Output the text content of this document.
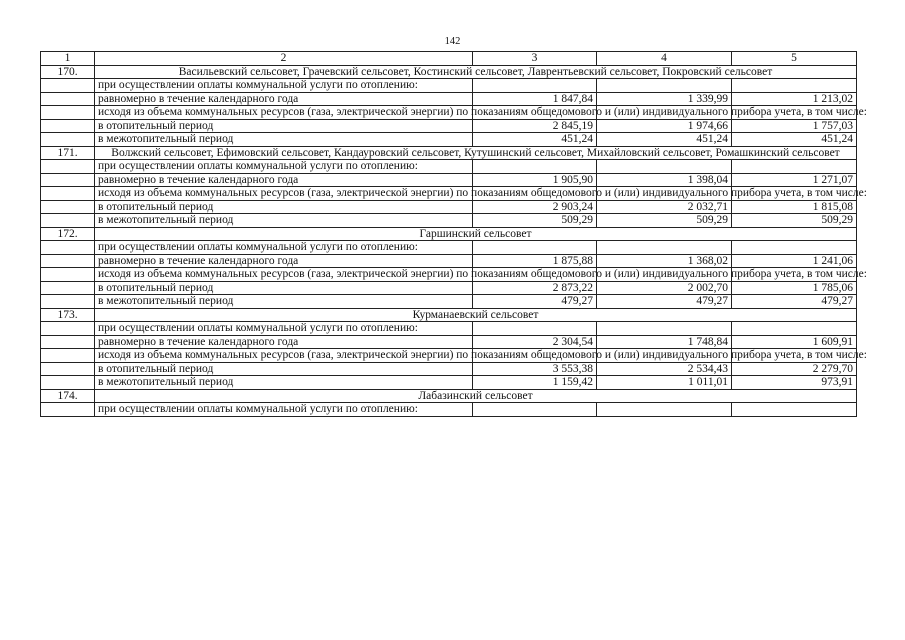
142
1	2	3	4	5
170.	Васильевский сельсовет, Грачевский сельсовет, Костинский сельсовет, Лаврентьевский сельсовет, Покровский сельсовет			
	при осуществлении оплаты коммунальной услуги по отоплению:			
	равномерно в течение календарного года	1 847,84	1 339,99	1 213,02
	исходя из объема коммунальных ресурсов (газа, электрической энергии) по показаниям общедомового и (или) индивидуального прибора учета, в том числе:			
	в отопительный период	2 845,19	1 974,66	1 757,03
	в межотопительный период	451,24	451,24	451,24
171.	Волжский сельсовет, Ефимовский сельсовет, Кандауровский сельсовет, Кутушинский сельсовет, Михайловский сельсовет, Ромашкинский сельсовет			
	при осуществлении оплаты коммунальной услуги по отоплению:			
	равномерно в течение календарного года	1 905,90	1 398,04	1 271,07
	исходя из объема коммунальных ресурсов (газа, электрической энергии) по показаниям общедомового и (или) индивидуального прибора учета, в том числе:			
	в отопительный период	2 903,24	2 032,71	1 815,08
	в межотопительный период	509,29	509,29	509,29
172.	Гаршинский сельсовет			
	при осуществлении оплаты коммунальной услуги по отоплению:			
	равномерно в течение календарного года	1 875,88	1 368,02	1 241,06
	исходя из объема коммунальных ресурсов (газа, электрической энергии) по показаниям общедомового и (или) индивидуального прибора учета, в том числе:			
	в отопительный период	2 873,22	2 002,70	1 785,06
	в межотопительный период	479,27	479,27	479,27
173.	Курманаевский сельсовет			
	при осуществлении оплаты коммунальной услуги по отоплению:			
	равномерно в течение календарного года	2 304,54	1 748,84	1 609,91
	исходя из объема коммунальных ресурсов (газа, электрической энергии) по показаниям общедомового и (или) индивидуального прибора учета, в том числе:			
	в отопительный период	3 553,38	2 534,43	2 279,70
	в межотопительный период	1 159,42	1 011,01	973,91
174.	Лабазинский сельсовет			
	при осуществлении оплаты коммунальной услуги по отоплению:			
